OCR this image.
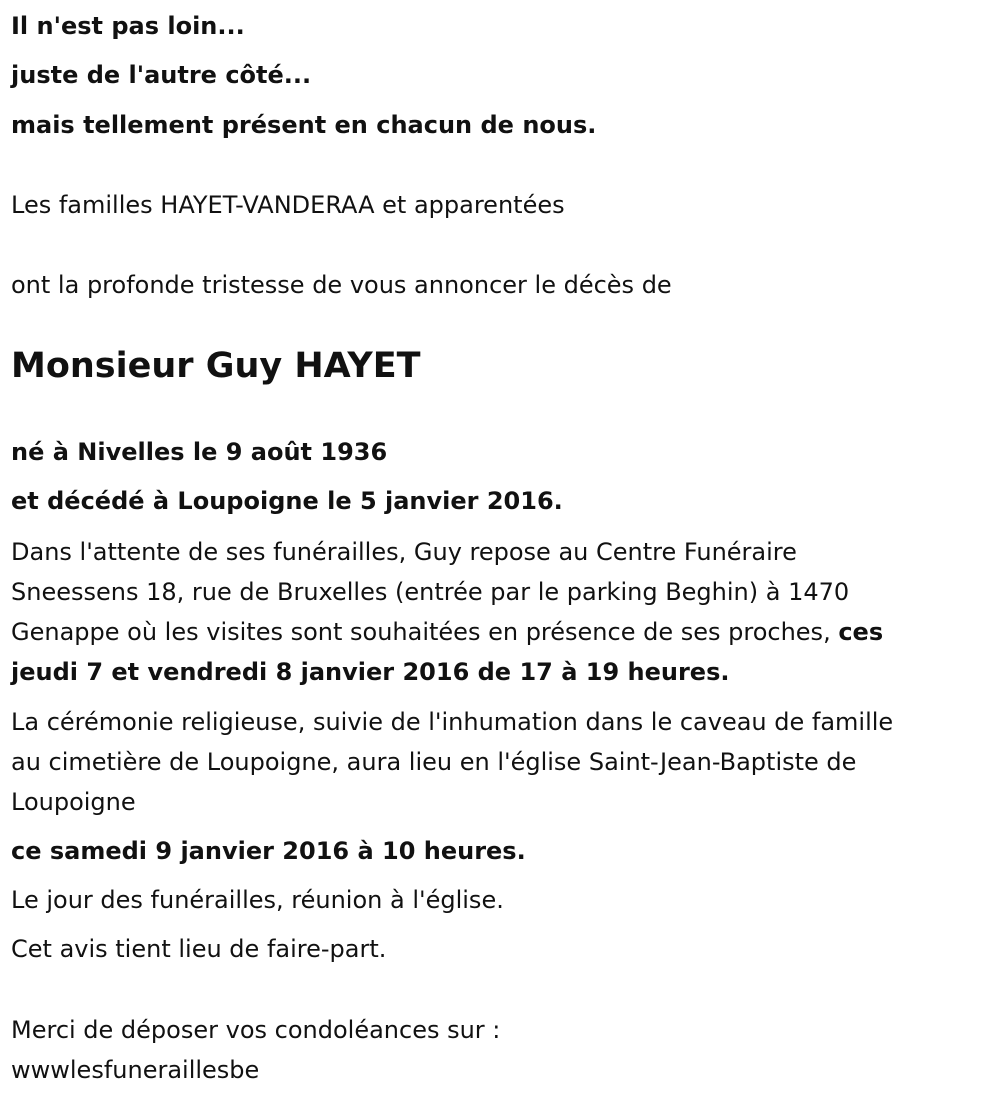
Il n'est pas loin...

juste de l'autre côté...

mais tellement présent en chacun de nous.

Les familles HAYET-VANDERAA et apparentées

ont la profonde tristesse de vous annoncer le décès de

Monsieur Guy HAYET

né à Nivelles le 9 août 1936

et décédé à Loupoigne le 5 janvier 2016.

Dans l'attente de ses funérailles, Guy repose au Centre Funéraire
Sneessens 18, rue de Bruxelles (entrée par le parking Beghin) à 1470
Genappe où les visites sont souhaitées en présence de ses proches, ces
jeudi 7 et vendredi 8 janvier 2016 de 17 à 19 heures.
La cérémonie religieuse, suivie de l'inhumation dans le caveau de famille
au cimetière de Loupoigne, aura lieu en l'église Saint-Jean-Baptiste de
Loupoigne

ce samedi 9 janvier 2016 à 10 heures.

Le jour des funérailles, réunion à l'église.

Cet avis tient lieu de faire-part.

Merci de déposer vos condoléances sur :

wwwlesfuneraillesbe
